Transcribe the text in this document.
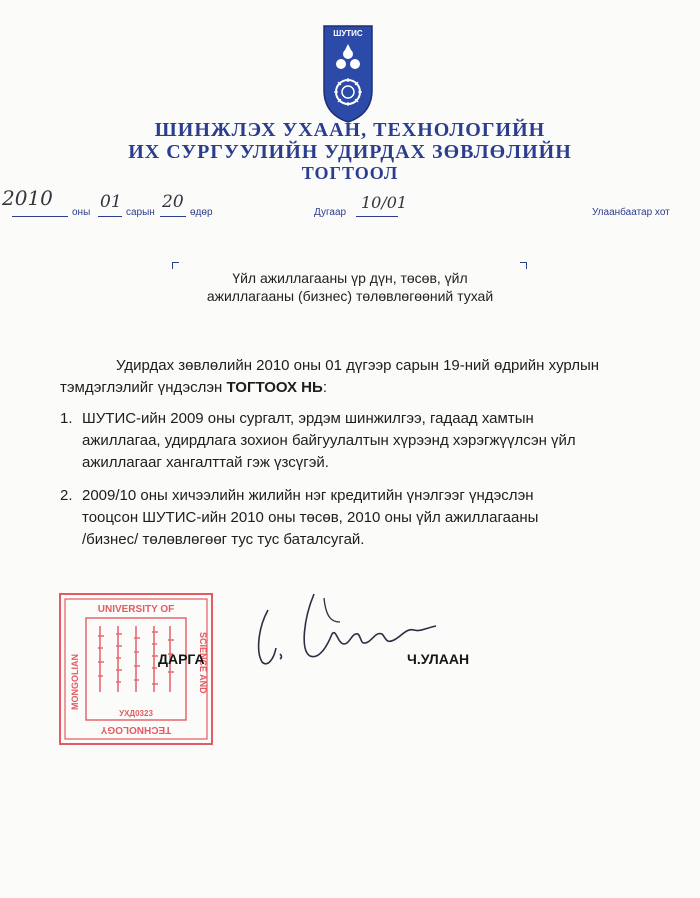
ШУТИС
ШИНЖЛЭХ УХААН, ТЕХНОЛОГИЙН
ИХ СУРГУУЛИЙН УДИРДАХ ЗӨВЛӨЛИЙН
ТОГТООЛ
2010
оны
01
сарын
20
өдөр	Дугаар
10/01
Улаанбаатар хот
Үйл ажиллагааны үр дүн, төсөв, үйл
ажиллагааны (бизнес) төлөвлөгөөний тухай
Удирдах зөвлөлийн 2010 оны 01 дүгээр сарын 19-ний өдрийн хурлын
тэмдэглэлийг үндэслэн ТОГТООХ НЬ:
1. ШУТИС-ийн 2009 оны сургалт, эрдэм шинжилгээ, гадаад хамтын
ажиллагаа, удирдлага зохион байгуулалтын хүрээнд хэрэгжүүлсэн үйл
ажиллагааг хангалттай гэж үзсүгэй.
2. 2009/10 оны хичээлийн жилийн нэг кредитийн үнэлгээг үндэслэн
тооцсон ШУТИС-ийн 2010 оны төсөв, 2010 оны үйл ажиллагааны
/бизнес/ төлөвлөгөөг тус тус баталсугай.
UNIVERSITY OF
TECHNOLOGY
SCIENCE AND
MONGOLIAN
УХД0323
ДАРГА	Ч.УЛААН
